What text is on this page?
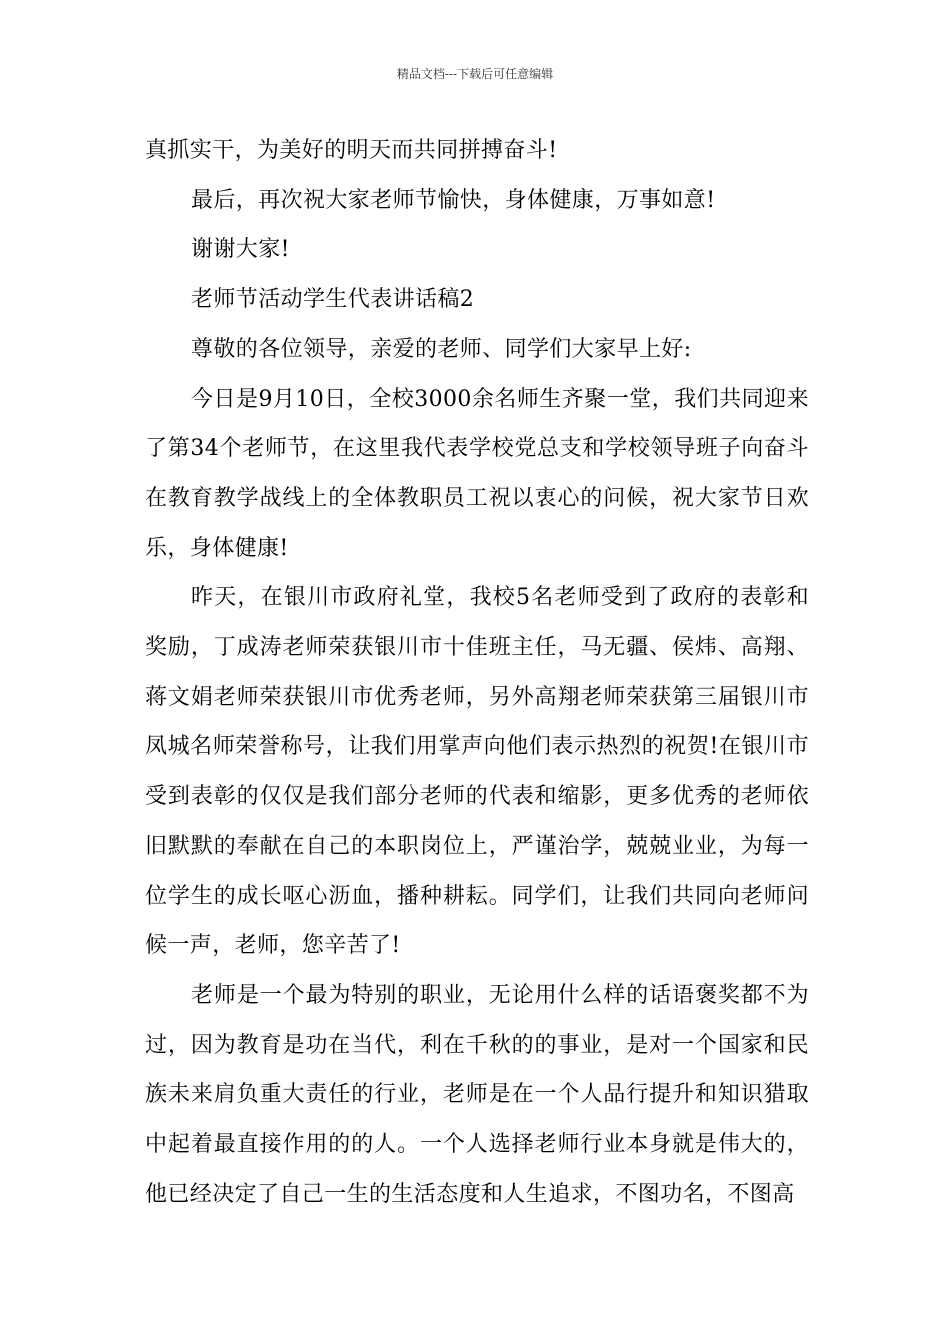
精品文档---下载后可任意编辑

真抓实干，为美好的明天而共同拼搏奋斗!

最后，再次祝大家老师节愉快，身体健康，万事如意!

谢谢大家!

老师节活动学生代表讲话稿2

尊敬的各位领导，亲爱的老师、同学们大家早上好:

今日是9月10日，全校3000余名师生齐聚一堂，我们共同迎来了第34个老师节，在这里我代表学校党总支和学校领导班子向奋斗在教育教学战线上的全体教职员工祝以衷心的问候，祝大家节日欢乐，身体健康!

昨天，在银川市政府礼堂，我校5名老师受到了政府的表彰和奖励，丁成涛老师荣获银川市十佳班主任，马无疆、侯炜、高翔、蒋文娟老师荣获银川市优秀老师，另外高翔老师荣获第三届银川市凤城名师荣誉称号，让我们用掌声向他们表示热烈的祝贺!在银川市受到表彰的仅仅是我们部分老师的代表和缩影，更多优秀的老师依旧默默的奉献在自己的本职岗位上，严谨治学，兢兢业业，为每一位学生的成长呕心沥血，播种耕耘。同学们，让我们共同向老师问候一声，老师，您辛苦了!

老师是一个最为特别的职业，无论用什么样的话语褒奖都不为过，因为教育是功在当代，利在千秋的的事业，是对一个国家和民族未来肩负重大责任的行业，老师是在一个人品行提升和知识猎取中起着最直接作用的的人。一个人选择老师行业本身就是伟大的，他已经决定了自己一生的生活态度和人生追求，不图功名，不图高
